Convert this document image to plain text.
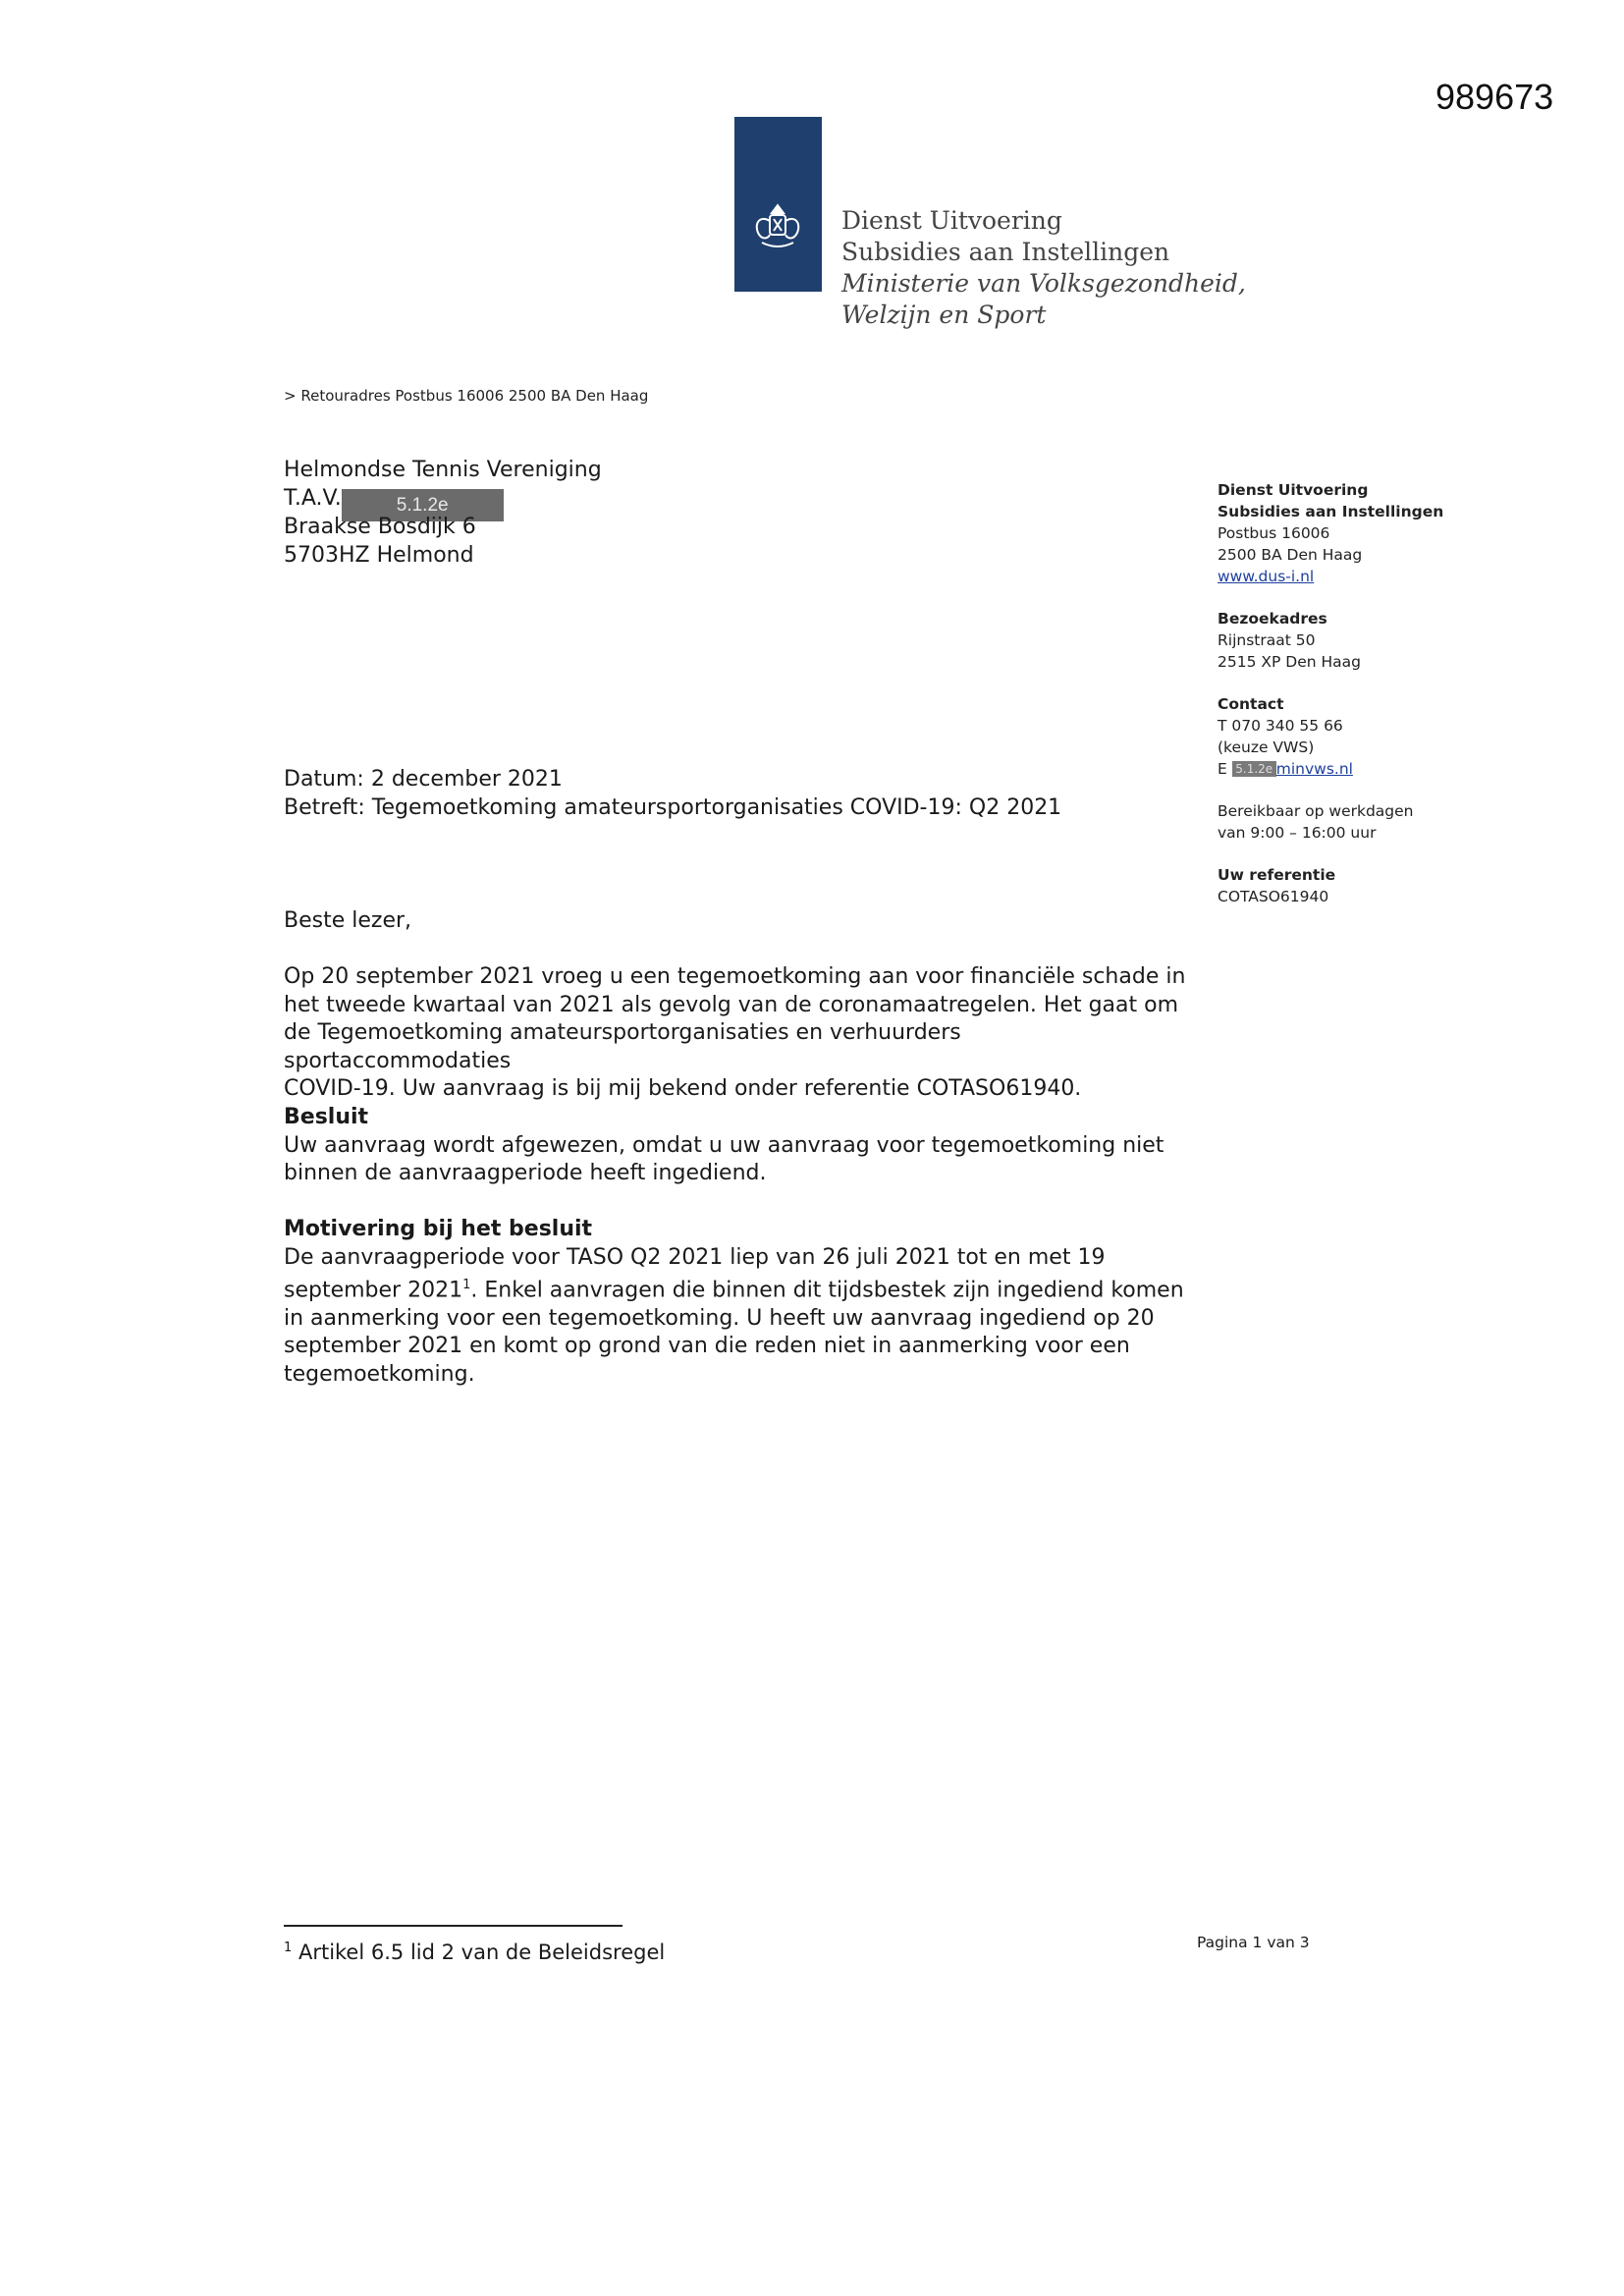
989673
Dienst Uitvoering
Subsidies aan Instellingen
Ministerie van Volksgezondheid,
Welzijn en Sport
> Retouradres Postbus 16006 2500 BA Den Haag
Helmondse Tennis Vereniging
T.A.V.	5.1.2e
Braakse Bosdijk 6
5703HZ Helmond
Dienst Uitvoering
Subsidies aan Instellingen
Postbus 16006
2500 BA Den Haag
www.dus-i.nl
Bezoekadres
Rijnstraat 50
2515 XP Den Haag
Contact
T 070 340 55 66
(keuze VWS)
E 5.1.2e minvws.nl
Bereikbaar op werkdagen
van 9:00 – 16:00 uur
Uw referentie
COTASO61940
Datum: 2 december 2021
Betreft: Tegemoetkoming amateursportorganisaties COVID-19: Q2 2021
Beste lezer,
Op 20 september 2021 vroeg u een tegemoetkoming aan voor financiële schade in
het tweede kwartaal van 2021 als gevolg van de coronamaatregelen. Het gaat om
de Tegemoetkoming amateursportorganisaties en verhuurders sportaccommodaties
COVID-19. Uw aanvraag is bij mij bekend onder referentie COTASO61940.
Besluit
Uw aanvraag wordt afgewezen, omdat u uw aanvraag voor tegemoetkoming niet
binnen de aanvraagperiode heeft ingediend.
Motivering bij het besluit
De aanvraagperiode voor TASO Q2 2021 liep van 26 juli 2021 tot en met 19
september 2021$^1$. Enkel aanvragen die binnen dit tijdsbestek zijn ingediend komen
in aanmerking voor een tegemoetkoming. U heeft uw aanvraag ingediend op 20
september 2021 en komt op grond van die reden niet in aanmerking voor een
tegemoetkoming.
$^1$ Artikel 6.5 lid 2 van de Beleidsregel	Pagina 1 van 3
